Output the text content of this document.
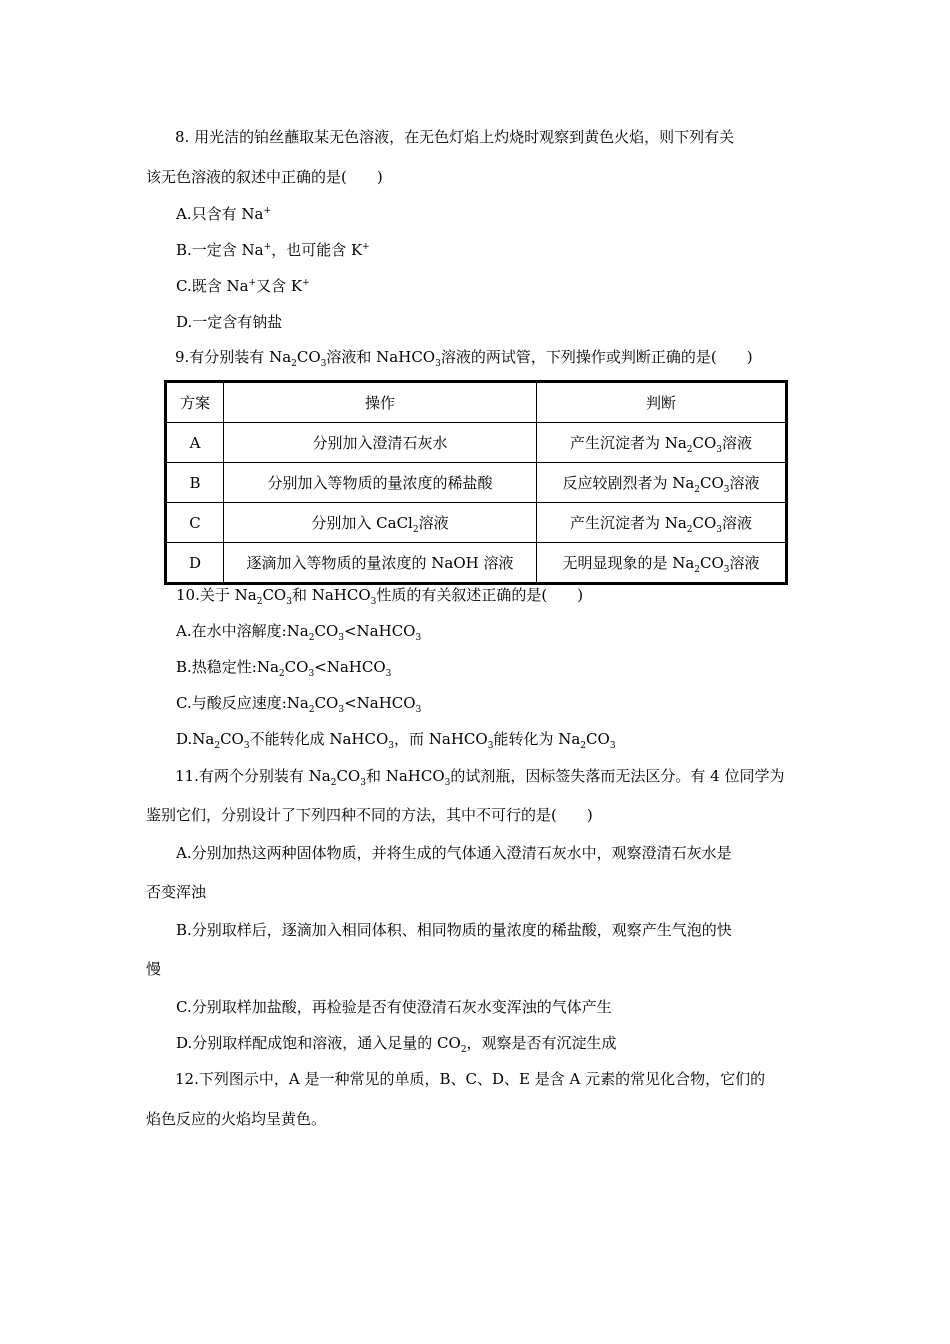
8. 用光洁的铂丝蘸取某无色溶液，在无色灯焰上灼烧时观察到黄色火焰，则下列有关
该无色溶液的叙述中正确的是(　　)
A.只含有 Na+
B.一定含 Na+，也可能含 K+
C.既含 Na+又含 K+
D.一定含有钠盐
9.有分别装有 $Na_2CO_3$溶液和 NaHCO$_3$溶液的两试管，下列操作或判断正确的是(　　)
方案	操作	判断
A	分别加入澄清石灰水	产生沉淀者为 $Na_2CO_3$溶液
B	分别加入等物质的量浓度的稀盐酸	反应较剧烈者为 $Na_2CO_3$溶液
C	分别加入 CaCl$_2$溶液	产生沉淀者为 $Na_2CO_3$溶液
D	逐滴加入等物质的量浓度的 NaOH 溶液	无明显现象的是 $Na_2CO_3$溶液
10.关于 $Na_2CO_3$和 NaHCO$_3$性质的有关叙述正确的是(　　)
A.在水中溶解度$:Na_2CO_3<NaHCO_3$
B.热稳定性$:Na_2CO_3<NaHCO_3$
C.与酸反应速度$:Na_2CO_3<NaHCO_3$
$D.Na_2CO_3$不能转化成 NaHCO$_3$，而 NaHCO$_3$能转化为 $Na_2CO_3$
11.有两个分别装有 $Na_2CO_3$和 NaHCO$_3$的试剂瓶，因标签失落而无法区分。有 4 位同学为
鉴别它们，分别设计了下列四种不同的方法，其中不可行的是(　　)
A.分别加热这两种固体物质，并将生成的气体通入澄清石灰水中，观察澄清石灰水是
否变浑浊
B.分别取样后，逐滴加入相同体积、相同物质的量浓度的稀盐酸，观察产生气泡的快
慢
C.分别取样加盐酸，再检验是否有使澄清石灰水变浑浊的气体产生
D.分别取样配成饱和溶液，通入足量的 $CO_2$，观察是否有沉淀生成
12.下列图示中，A 是一种常见的单质，B、C、D、E 是含 A 元素的常见化合物，它们的
焰色反应的火焰均呈黄色。
